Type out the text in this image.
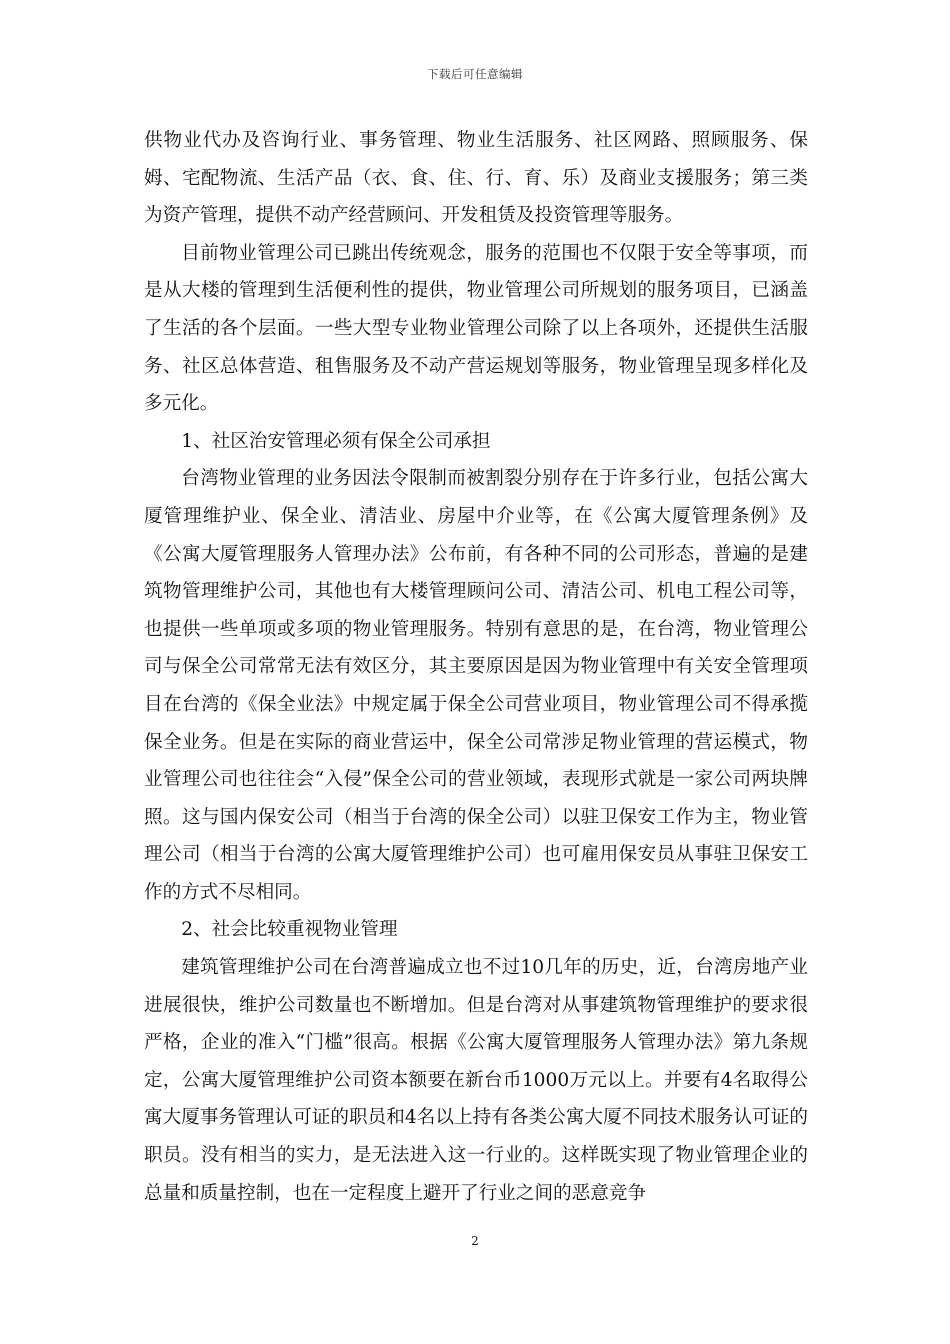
下载后可任意编辑

供物业代办及咨询行业、事务管理、物业生活服务、社区网路、照顾服务、保姆、宅配物流、生活产品（衣、食、住、行、育、乐）及商业支援服务；第三类为资产管理，提供不动产经营顾问、开发租赁及投资管理等服务。

目前物业管理公司已跳出传统观念，服务的范围也不仅限于安全等事项，而是从大楼的管理到生活便利性的提供，物业管理公司所规划的服务项目，已涵盖了生活的各个层面。一些大型专业物业管理公司除了以上各项外，还提供生活服务、社区总体营造、租售服务及不动产营运规划等服务，物业管理呈现多样化及多元化。

1、社区治安管理必须有保全公司承担

台湾物业管理的业务因法令限制而被割裂分别存在于许多行业，包括公寓大厦管理维护业、保全业、清洁业、房屋中介业等，在《公寓大厦管理条例》及《公寓大厦管理服务人管理办法》公布前，有各种不同的公司形态，普遍的是建筑物管理维护公司，其他也有大楼管理顾问公司、清洁公司、机电工程公司等，也提供一些单项或多项的物业管理服务。特别有意思的是，在台湾，物业管理公司与保全公司常常无法有效区分，其主要原因是因为物业管理中有关安全管理项目在台湾的《保全业法》中规定属于保全公司营业项目，物业管理公司不得承揽保全业务。但是在实际的商业营运中，保全公司常涉足物业管理的营运模式，物业管理公司也往往会“入侵”保全公司的营业领域，表现形式就是一家公司两块牌照。这与国内保安公司（相当于台湾的保全公司）以驻卫保安工作为主，物业管理公司（相当于台湾的公寓大厦管理维护公司）也可雇用保安员从事驻卫保安工作的方式不尽相同。

2、社会比较重视物业管理

建筑管理维护公司在台湾普遍成立也不过10几年的历史，近，台湾房地产业进展很快，维护公司数量也不断增加。但是台湾对从事建筑物管理维护的要求很严格，企业的准入“门槛”很高。根据《公寓大厦管理服务人管理办法》第九条规定，公寓大厦管理维护公司资本额要在新台币1000万元以上。并要有4名取得公寓大厦事务管理认可证的职员和4名以上持有各类公寓大厦不同技术服务认可证的职员。没有相当的实力，是无法进入这一行业的。这样既实现了物业管理企业的总量和质量控制，也在一定程度上避开了行业之间的恶意竞争

2
